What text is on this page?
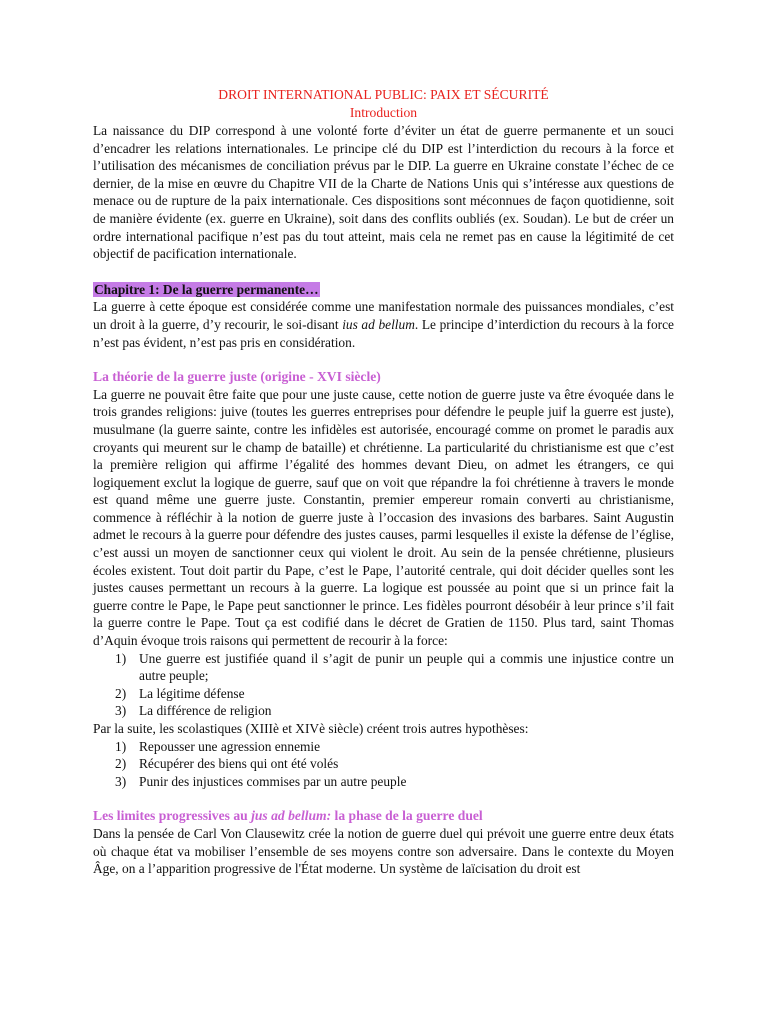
DROIT INTERNATIONAL PUBLIC: PAIX ET SÉCURITÉ
Introduction

La naissance du DIP correspond à une volonté forte d’éviter un état de guerre permanente et un souci d’encadrer les relations internationales. Le principe clé du DIP est l’interdiction du recours à la force et l’utilisation des mécanismes de conciliation prévus par le DIP. La guerre en Ukraine constate l’échec de ce dernier, de la mise en œuvre du Chapitre VII de la Charte de Nations Unis qui s’intéresse aux questions de menace ou de rupture de la paix internationale. Ces dispositions sont méconnues de façon quotidienne, soit de manière évidente (ex. guerre en Ukraine), soit dans des conflits oubliés (ex. Soudan). Le but de créer un ordre international pacifique n’est pas du tout atteint, mais cela ne remet pas en cause la légitimité de cet objectif de pacification internationale.

Chapitre 1: De la guerre permanente…

La guerre à cette époque est considérée comme une manifestation normale des puissances mondiales, c’est un droit à la guerre, d’y recourir, le soi-disant ius ad bellum. Le principe d’interdiction du recours à la force n’est pas évident, n’est pas pris en considération.

La théorie de la guerre juste (origine - XVI siècle)

La guerre ne pouvait être faite que pour une juste cause, cette notion de guerre juste va être évoquée dans le trois grandes religions: juive (toutes les guerres entreprises pour défendre le peuple juif la guerre est juste), musulmane (la guerre sainte, contre les infidèles est autorisée, encouragé comme on promet le paradis aux croyants qui meurent sur le champ de bataille) et chrétienne. La particularité du christianisme est que c’est la première religion qui affirme l’égalité des hommes devant Dieu, on admet les étrangers, ce qui logiquement exclut la logique de guerre, sauf que on voit que répandre la foi chrétienne à travers le monde est quand même une guerre juste. Constantin, premier empereur romain converti au christianisme, commence à réfléchir à la notion de guerre juste à l’occasion des invasions des barbares. Saint Augustin admet le recours à la guerre pour défendre des justes causes, parmi lesquelles il existe la défense de l’église, c’est aussi un moyen de sanctionner ceux qui violent le droit. Au sein de la pensée chrétienne, plusieurs écoles existent. Tout doit partir du Pape, c’est le Pape, l’autorité centrale, qui doit décider quelles sont les justes causes permettant un recours à la guerre. La logique est poussée au point que si un prince fait la guerre contre le Pape, le Pape peut sanctionner le prince. Les fidèles pourront désobéir à leur prince s’il fait la guerre contre le Pape. Tout ça est codifié dans le décret de Gratien de 1150. Plus tard, saint Thomas d’Aquin évoque trois raisons qui permettent de recourir à la force:

1) Une guerre est justifiée quand il s’agit de punir un peuple qui a commis une injustice contre un autre peuple;
2) La légitime défense
3) La différence de religion

Par la suite, les scolastiques (XIIIè et XIVè siècle) créent trois autres hypothèses:

1) Repousser une agression ennemie
2) Récupérer des biens qui ont été volés
3) Punir des injustices commises par un autre peuple
Les limites progressives au jus ad bellum: la phase de la guerre duel

Dans la pensée de Carl Von Clausewitz crée la notion de guerre duel qui prévoit une guerre entre deux états où chaque état va mobiliser l’ensemble de ses moyens contre son adversaire. Dans le contexte du Moyen Âge, on a l’apparition progressive de l'État moderne. Un système de laïcisation du droit est
